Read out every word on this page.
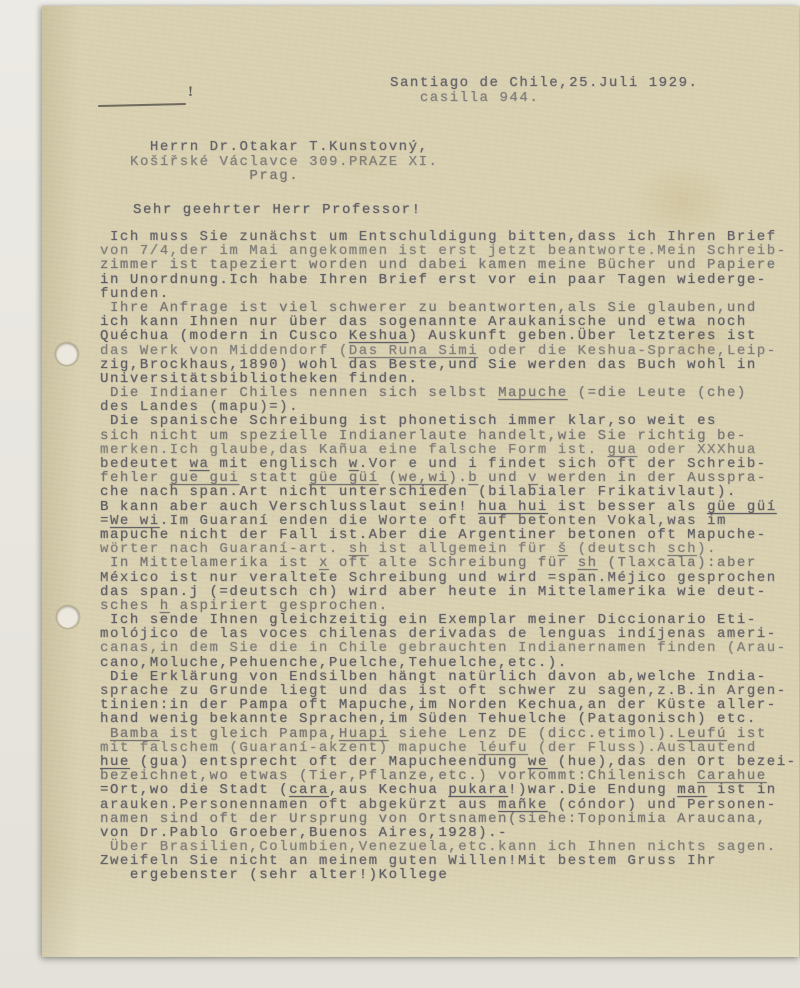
!
Santiago de Chile,25.Juli 1929.
casilla 944.
Herrn Dr.Otakar T.Kunstovný,
Košířské Václavce 309.PRAZE XI.
Prag.
Sehr geehrter Herr Professor!
Ich muss Sie zunächst um Entschuldigung bitten,dass ich Ihren Brief
von 7/4,der im Mai angekommen ist erst jetzt beantworte.Mein Schreib-
zimmer ist tapeziert worden und dabei kamen meine Bücher und Papiere
in Unordnung.Ich habe Ihren Brief erst vor ein paar Tagen wiederge-
funden.
Ihre Anfrage ist viel schwerer zu beantworten,als Sie glauben,und
ich kann Ihnen nur über das sogenannte Araukanische und etwa noch
Quéchua (modern in Cusco Keshua) Auskunft geben.Über letzteres ist
das Werk von Middendorf (Das Runa Simi oder die Keshua-Sprache,Leip-
zig,Brockhaus,1890) wohl das Beste,und Sie werden das Buch wohl in
Universitätsbibliotheken finden.
Die Indianer Chiles nennen sich selbst Mapuche (=die Leute (che)
des Landes (mapu)=).
Die spanische Schreibung ist phonetisch immer klar,so weit es
sich nicht um spezielle Indianerlaute handelt,wie Sie richtig be-
merken.Ich glaube,das Kañua eine falsche Form ist. gua oder XXXhua
bedeutet wa mit englisch w.Vor e und i findet sich oft der Schreib-
fehler gue gui statt güe güí (we,wi).b und v werden in der Ausspra-
che nach span.Art nicht unterschieden (bilabialer Frikativlaut).
B kann aber auch Verschlusslaut sein! hua hui ist besser als güe güí
=We wi.Im Guaraní enden die Worte oft auf betonten Vokal,was im
mapuche nicht der Fall ist.Aber die Argentiner betonen oft Mapuche-
wörter nach Guaraní-art. sh ist allgemein für š (deutsch sch).
In Mittelamerika ist x oft alte Schreibung für sh (Tlaxcala):aber
México ist nur veraltete Schreibung und wird =span.Méjico gesprochen
das span.j (=deutsch ch) wird aber heute in Mittelamerika wie deut-
sches h aspiriert gesprochen.
Ich sende Ihnen gleichzeitig ein Exemplar meiner Diccionario Eti-
molójico de las voces chilenas derivadas de lenguas indíjenas ameri-
canas,in dem Sie die in Chile gebrauchten Indianernamen finden (Arau-
cano,Moluche,Pehuenche,Puelche,Tehuelche,etc.).
Die Erklärung von Endsilben hängt natürlich davon ab,welche India-
sprache zu Grunde liegt und das ist oft schwer zu sagen,z.B.in Argen-
tinien:in der Pampa oft Mapuche,im Norden Kechua,an der Küste aller-
hand wenig bekannte Sprachen,im Süden Tehuelche (Patagonisch) etc.
Bamba ist gleich Pampa,Huapi siehe Lenz DE (dicc.etimol).Leufú ist
mit falschem (Guaraní-akzent) mapuche léufu (der Fluss).Auslautend
hue (gua) entsprecht oft der Mapucheendung we (hue),das den Ort bezei-
bezeichnet,wo etwas (Tier,Pflanze,etc.) vorkommt:Chilenisch Carahue
=Ort,wo die Stadt (cara,aus Kechua pukara!)war.Die Endung man ist in
arauken.Personennamen oft abgekürzt aus mañke (cóndor) und Personen-
namen sind oft der Ursprung von Ortsnamen(siehe:Toponimia Araucana,
von Dr.Pablo Groeber,Buenos Aires,1928).-
Über Brasilien,Columbien,Venezuela,etc.kann ich Ihnen nichts sagen.
Zweifeln Sie nicht an meinem guten Willen!Mit bestem Gruss Ihr
ergebenster (sehr alter!)Kollege
